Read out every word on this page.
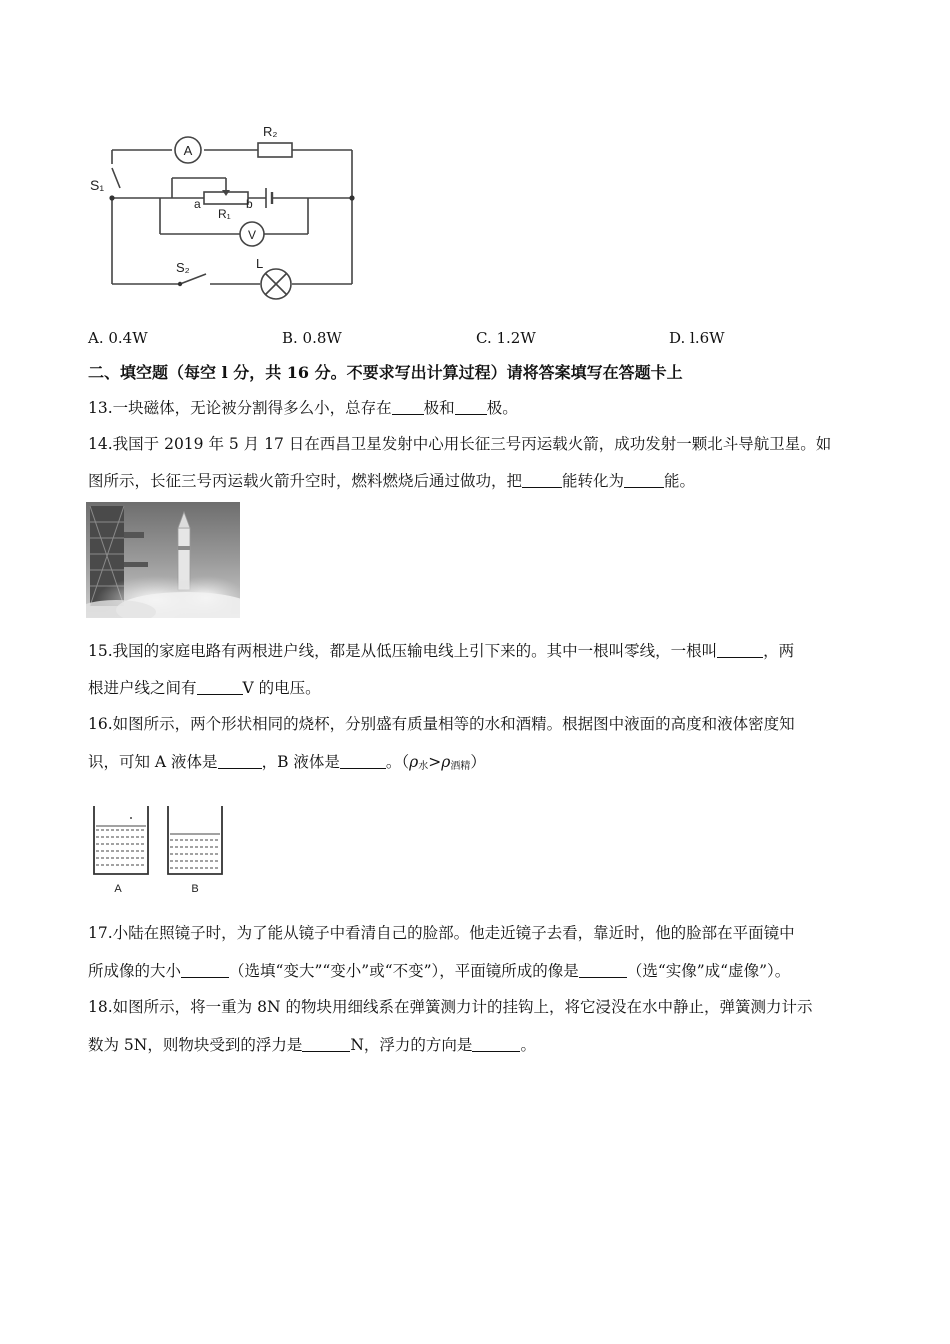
A
R₂
S₁
a	b
R₁
V
S₂	L
A. 0.4W	B. 0.8W	C. 1.2W	D. l.6W
二、填空题（每空 l 分，共 16 分。不要求写出计算过程）请将答案填写在答题卡上
13.一块磁体，无论被分割得多么小，总存在 极和 极。
14.我国于 2019 年 5 月 17 日在西昌卫星发射中心用长征三号丙运载火箭，成功发射一颗北斗导航卫星。如
图所示，长征三号丙运载火箭升空时，燃料燃烧后通过做功，把	能转化为	能。
15.我国的家庭电路有两根进户线，都是从低压输电线上引下来的。其中一根叫零线，一根叫	，两
根进户线之间有	V 的电压。
16.如图所示，两个形状相同的烧杯，分别盛有质量相等的水和酒精。根据图中液面的高度和液体密度知
识，可知 A 液体是	，B 液体是	。$(\rho_水>\rho_{酒精})$
A	B
17.小陆在照镜子时，为了能从镜子中看清自己的脸部。他走近镜子去看，靠近时，他的脸部在平面镜中
所成像的大小	（选填“变大”“变小”或“不变”），平面镜所成的像是	（选“实像”成“虚像”）。
18.如图所示，将一重为 8N 的物块用细线系在弹簧测力计的挂钩上，将它浸没在水中静止，弹簧测力计示
数为 5N，则物块受到的浮力是	N，浮力的方向是	。
